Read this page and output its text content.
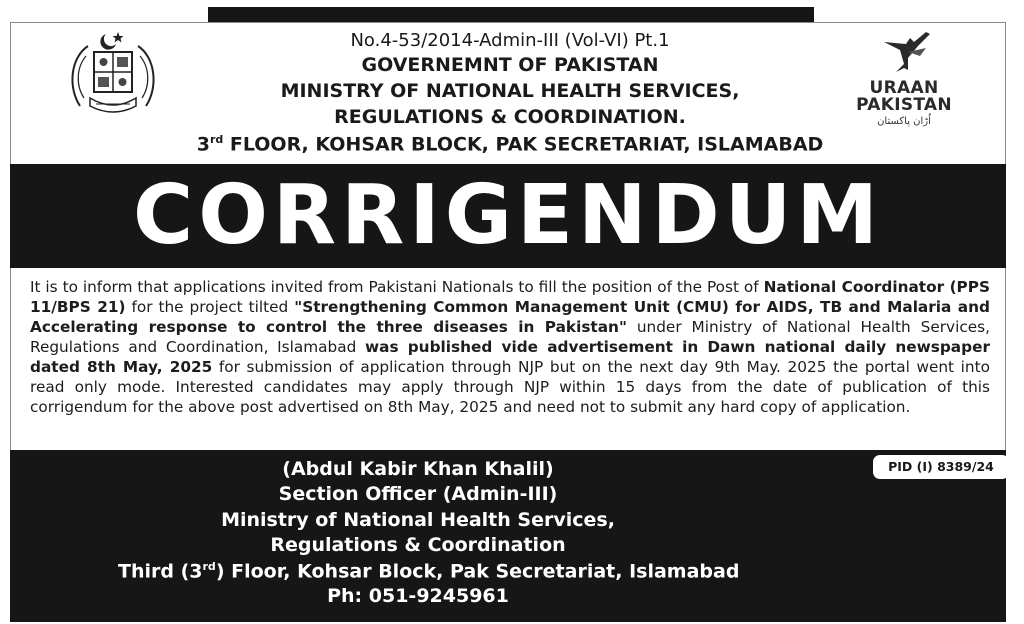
URAAN
PAKISTAN
اُڑان پاکستان
No.4-53/2014-Admin-III (Vol-VI) Pt.1
GOVERNEMNT OF PAKISTAN
MINISTRY OF NATIONAL HEALTH SERVICES,
REGULATIONS & COORDINATION.
3rd FLOOR, KOHSAR BLOCK, PAK SECRETARIAT, ISLAMABAD
CORRIGENDUM
It is to inform that applications invited from Pakistani Nationals to fill the position of the Post of National Coordinator (PPS 11/BPS 21) for the project tilted "Strengthening Common Management Unit (CMU) for AIDS, TB and Malaria and Accelerating response to control the three diseases in Pakistan" under Ministry of National Health Services, Regulations and Coordination, Islamabad was published vide advertisement in Dawn national daily newspaper dated 8th May, 2025 for submission of application through NJP but on the next day 9th May. 2025 the portal went into read only mode. Interested candidates may apply through NJP within 15 days from the date of publication of this corrigendum for the above post advertised on 8th May, 2025 and need not to submit any hard copy of application.
(Abdul Kabir Khan Khalil)
Section Officer (Admin-III)
Ministry of National Health Services,
Regulations & Coordination
Third (3rd) Floor, Kohsar Block, Pak Secretariat, Islamabad
Ph: 051-9245961
PID (I) 8389/24
